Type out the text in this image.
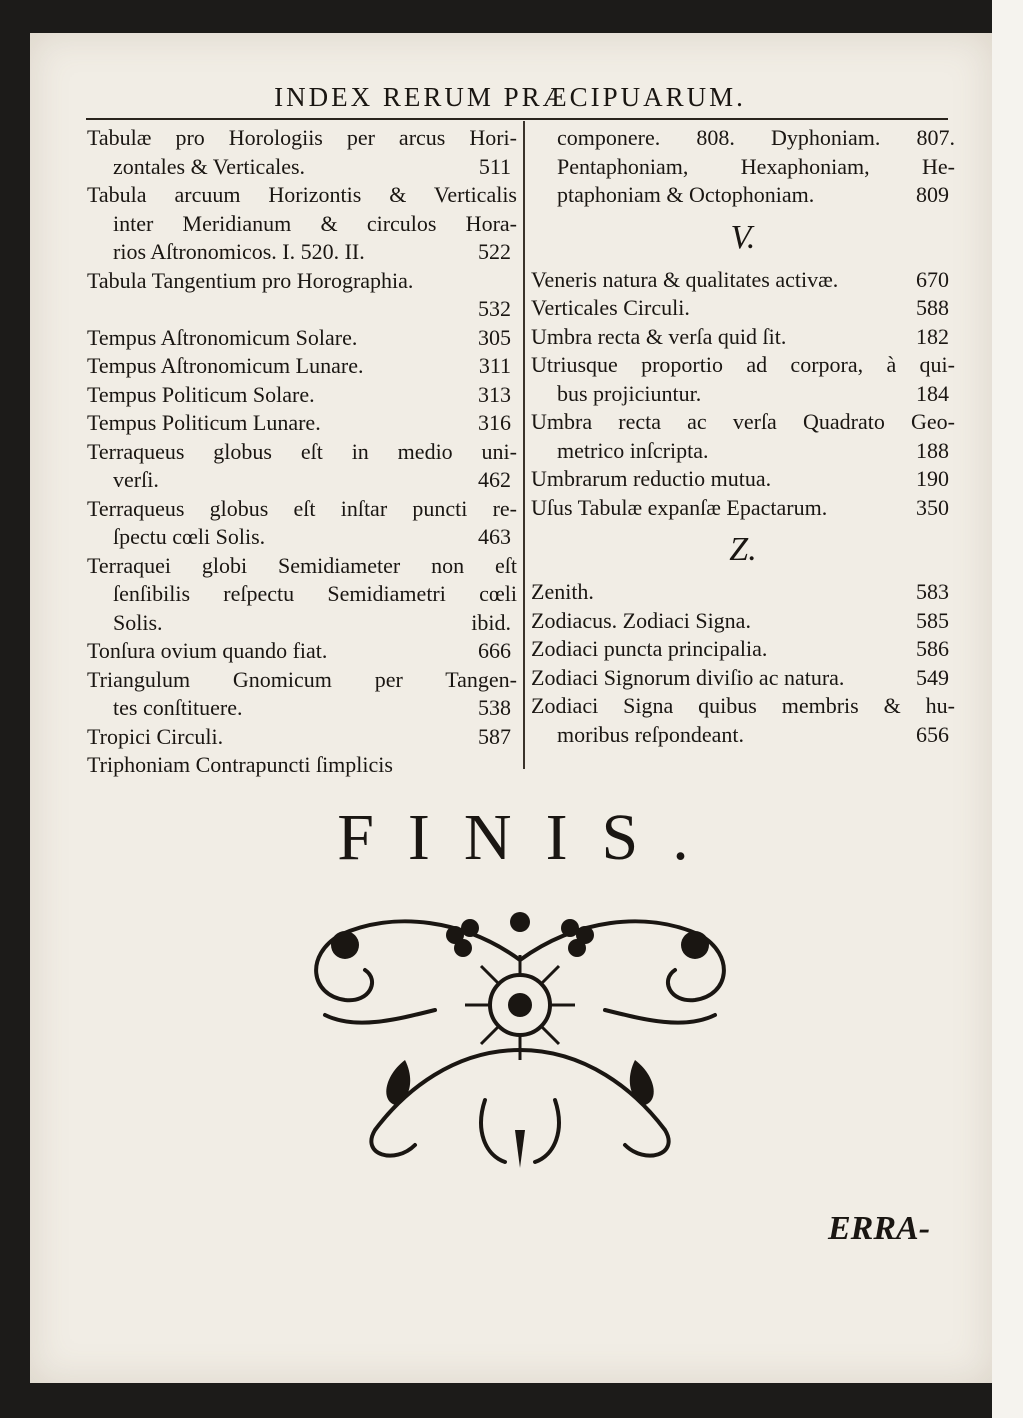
INDEX RERUM PRÆCIPUARUM.
Tabulæ pro Horologiis per arcus Hori-
zontales & Verticales.	511
Tabula arcuum Horizontis & Verticalis
inter Meridianum & circulos Hora-
rios Aſtronomicos. I. 520. II.	522
Tabula Tangentium pro Horographia.
532
Tempus Aſtronomicum Solare.	305
Tempus Aſtronomicum Lunare.	311
Tempus Politicum Solare.	313
Tempus Politicum Lunare.	316
Terraqueus globus eſt in medio uni-
verſi.	462
Terraqueus globus eſt inſtar puncti re-
ſpectu cœli Solis.	463
Terraquei globi Semidiameter non eſt
ſenſibilis reſpectu Semidiametri cœli
Solis.	ibid.
Tonſura ovium quando fiat.	666
Triangulum Gnomicum per Tangen-
tes conſtituere.	538
Tropici Circuli.	587
Triphoniam Contrapuncti ſimplicis
componere. 808. Dyphoniam. 807.
Pentaphoniam, Hexaphoniam, He-
ptaphoniam & Octophoniam.	809
V.
Veneris natura & qualitates activæ.	670
Verticales Circuli.	588
Umbra recta & verſa quid ſit.	182
Utriusque proportio ad corpora, à qui-
bus projiciuntur.	184
Umbra recta ac verſa Quadrato Geo-
metrico inſcripta.	188
Umbrarum reductio mutua.	190
Uſus Tabulæ expanſæ Epactarum.	350
Z.
Zenith.	583
Zodiacus. Zodiaci Signa.	585
Zodiaci puncta principalia.	586
Zodiaci Signorum diviſio ac natura.	549
Zodiaci Signa quibus membris & hu-
moribus reſpondeant.	656
FINIS.
ERRA-
